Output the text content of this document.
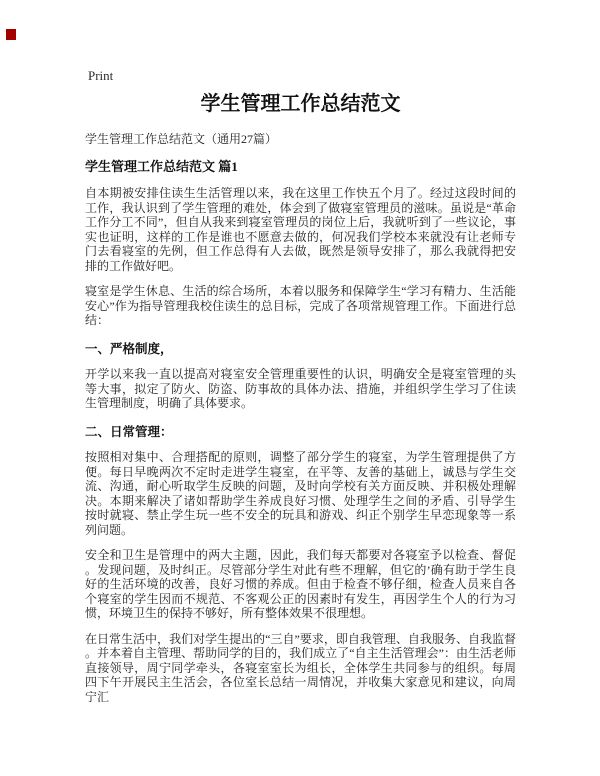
Print
学生管理工作总结范文

学生管理工作总结范文（通用27篇）

学生管理工作总结范文 篇1

自本期被安排住读生生活管理以来，我在这里工作快五个月了。经过这段时间的工作，我认识到了学生管理的难处，体会到了做寝室管理员的滋味。虽说是“革命工作分工不同”，但自从我来到寝室管理员的岗位上后，我就听到了一些议论，事实也证明，这样的工作是谁也不愿意去做的，何况我们学校本来就没有让老师专门去看寝室的先例，但工作总得有人去做，既然是领导安排了，那么我就得把安排的工作做好吧。

寝室是学生休息、生活的综合场所，本着以服务和保障学生“学习有精力、生活能安心”作为指导管理我校住读生的总目标，完成了各项常规管理工作。下面进行总结：

一、严格制度，

开学以来我一直以提高对寝室安全管理重要性的认识，明确安全是寝室管理的头等大事，拟定了防火、防盗、防事故的具体办法、措施，并组织学生学习了住读生管理制度，明确了具体要求。

二、日常管理：

按照相对集中、合理搭配的原则，调整了部分学生的寝室，为学生管理提供了方便。每日早晚两次不定时走进学生寝室，在平等、友善的基础上，诚恳与学生交流、沟通，耐心听取学生反映的问题，及时向学校有关方面反映、并积极处理解决。本期来解决了诸如帮助学生养成良好习惯、处理学生之间的矛盾、引导学生按时就寝、禁止学生玩一些不安全的玩具和游戏、纠正个别学生早恋现象等一系列问题。

安全和卫生是管理中的两大主题，因此，我们每天都要对各寝室予以检查、督促。发现问题，及时纠正。尽管部分学生对此有些不理解，但它的’确有助于学生良好的生活环境的改善，良好习惯的养成。但由于检查不够仔细，检查人员来自各个寝室的学生因而不规范、不客观公正的因素时有发生，再因学生个人的行为习惯，环境卫生的保持不够好，所有整体效果不很理想。

在日常生活中，我们对学生提出的“三自”要求，即自我管理、自我服务、自我监督。并本着自主管理、帮助同学的目的，我们成立了“自主生活管理会”：由生活老师直接领导，周宁同学牵头，各寝室室长为组长，全体学生共同参与的组织。每周四下午开展民主生活会，各位室长总结一周情况，并收集大家意见和建议，向周宁汇
